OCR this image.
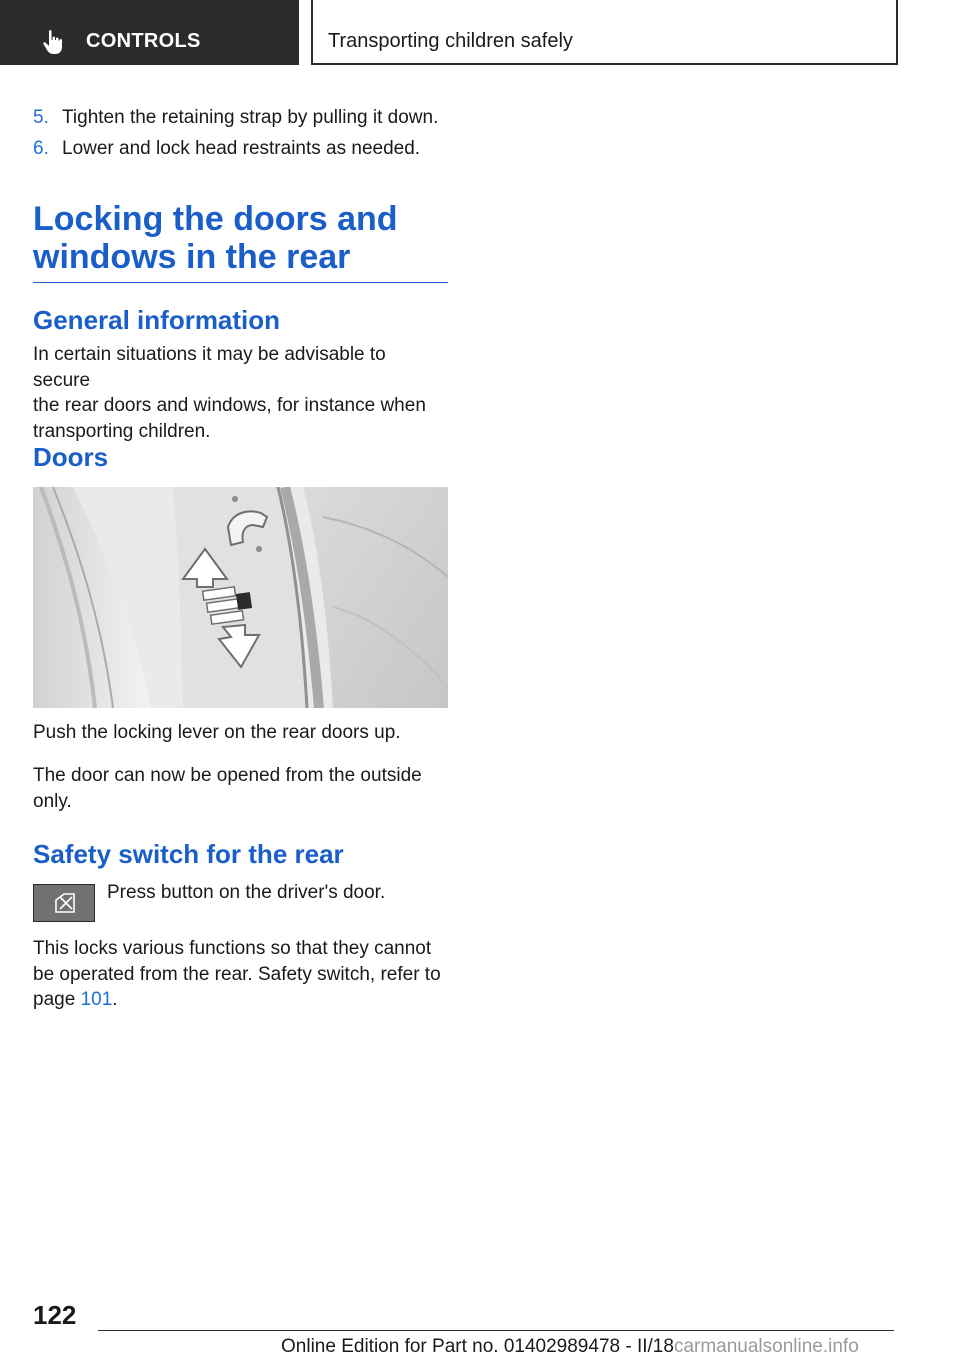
CONTROLS	Transporting children safely
5. Tighten the retaining strap by pulling it down.
6. Lower and lock head restraints as needed.
Locking the doors and
windows in the rear
General information

In certain situations it may be advisable to secure
the rear doors and windows, for instance when
transporting children.

Doors

Push the locking lever on the rear doors up.

The door can now be opened from the outside
only.

Safety switch for the rear

Press button on the driver's door.

This locks various functions so that they cannot
be operated from the rear. Safety switch, refer to
page 101.

122
Online Edition for Part no. 01402989478 - II/18carmanualsonline.info
